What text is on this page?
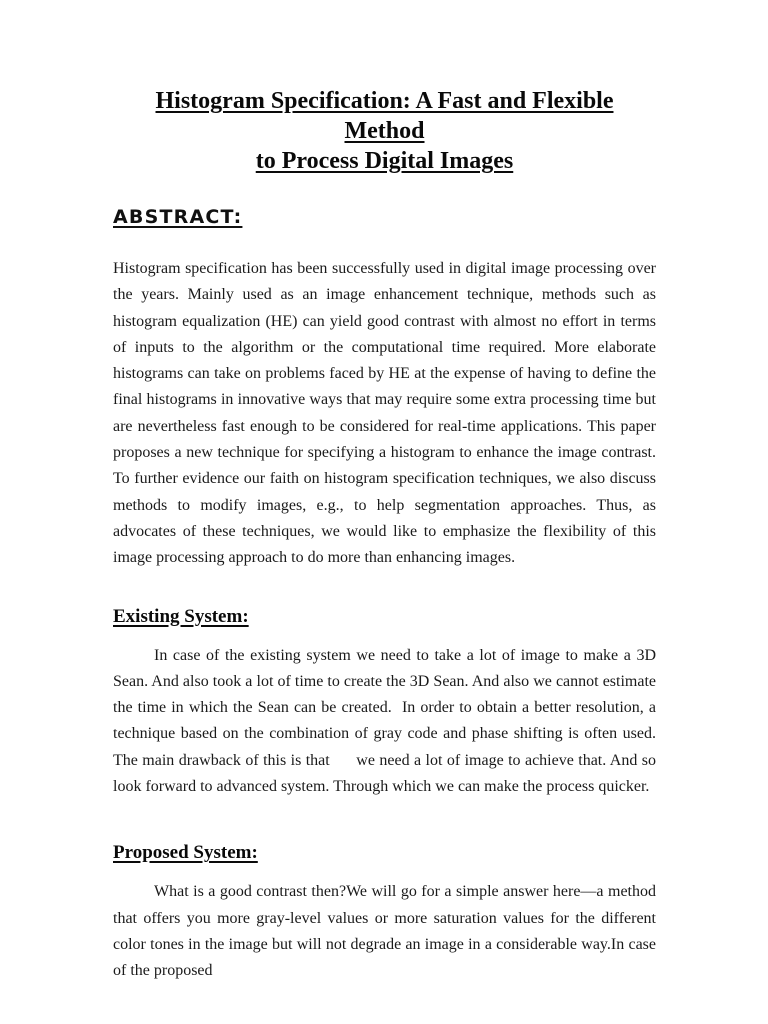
Histogram Specification: A Fast and Flexible Method
to Process Digital Images
ABSTRACT:

Histogram specification has been successfully used in digital image processing over the years. Mainly used as an image enhancement technique, methods such as histogram equalization (HE) can yield good contrast with almost no effort in terms of inputs to the algorithm or the computational time required. More elaborate histograms can take on problems faced by HE at the expense of having to define the final histograms in innovative ways that may require some extra processing time but are nevertheless fast enough to be considered for real-time applications. This paper proposes a new technique for specifying a histogram to enhance the image contrast. To further evidence our faith on histogram specification techniques, we also discuss methods to modify images, e.g., to help segmentation approaches. Thus, as advocates of these techniques, we would like to emphasize the flexibility of this image processing approach to do more than enhancing images.

Existing System:

In case of the existing system we need to take a lot of image to make a 3D Sean. And also took a lot of time to create the 3D Sean. And also we cannot estimate the time in which the Sean can be created.  In order to obtain a better resolution, a technique based on the combination of gray code and phase shifting is often used. The main drawback of this is that      we need a lot of image to achieve that. And so look forward to advanced system. Through which we can make the process quicker.

Proposed System:

What is a good contrast then?We will go for a simple answer here—a method that offers you more gray-level values or more saturation values for the different color tones in the image but will not degrade an image in a considerable way.In case of the proposed
